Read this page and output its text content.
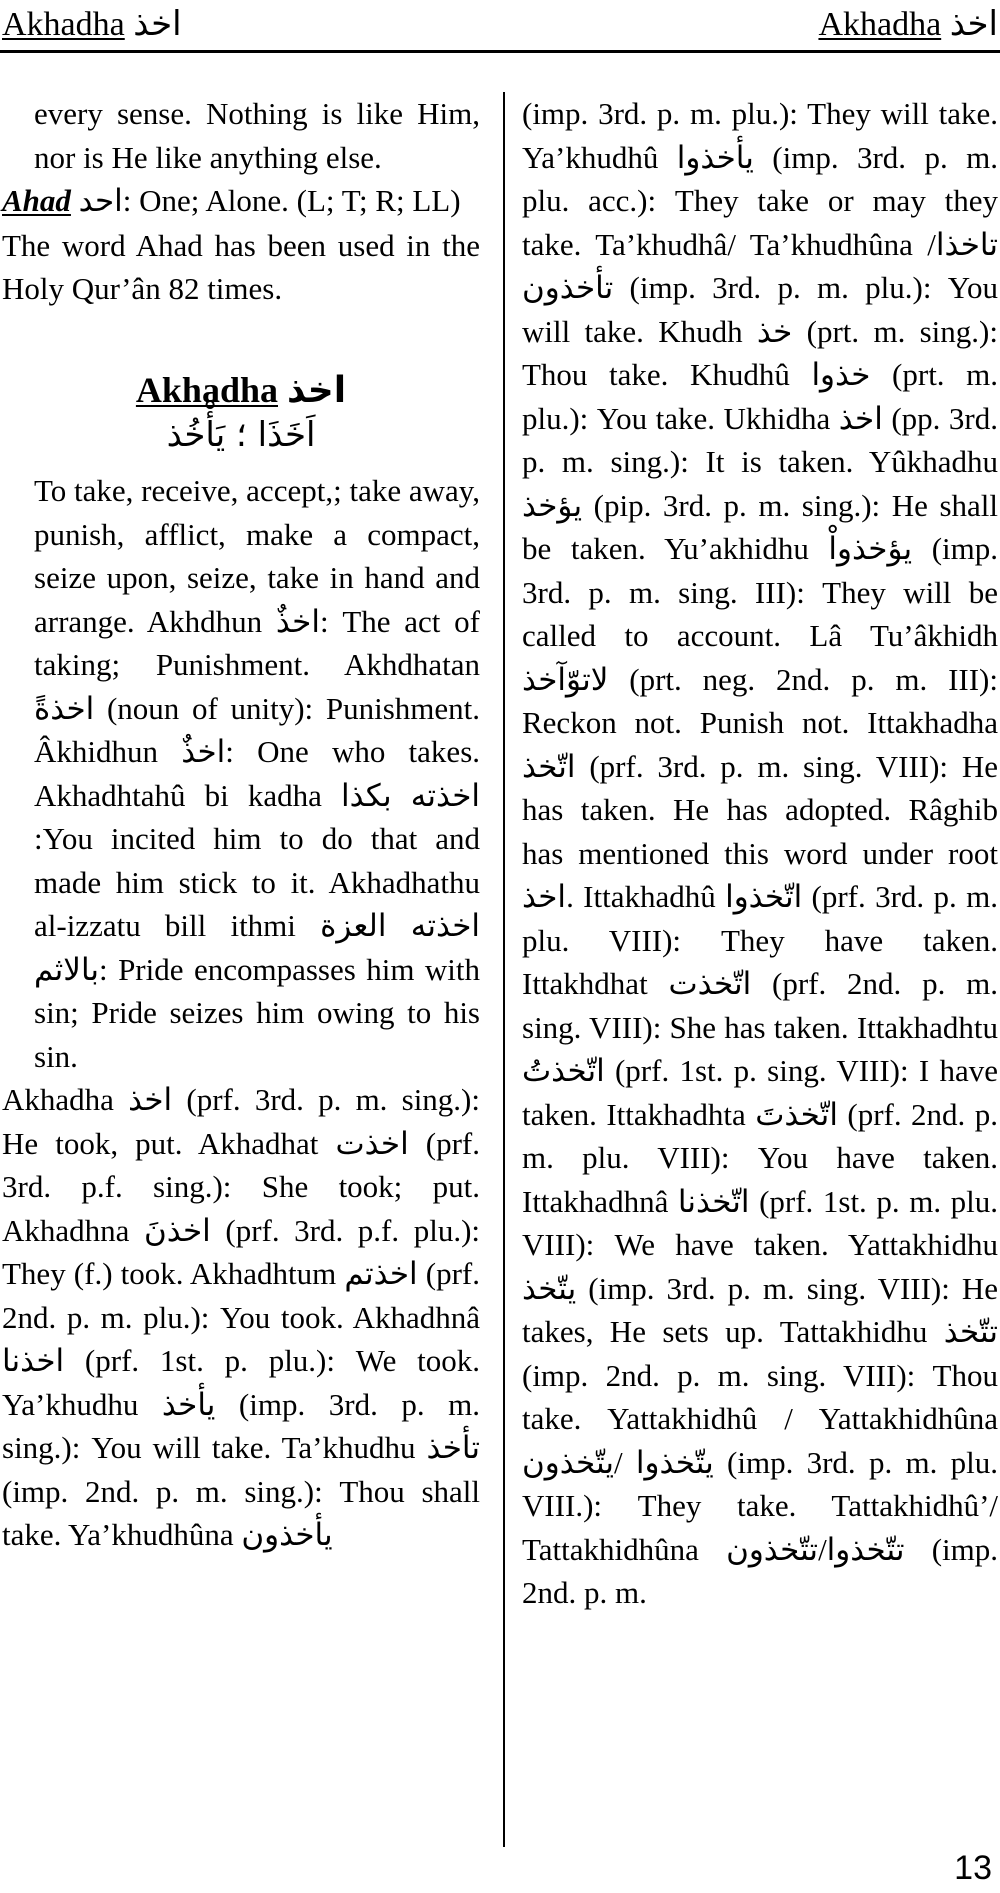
Akhadha اخذ	Akhadha اخذ

every sense. Nothing is like Him, nor is He like anything else.

Ahad احد: One; Alone. (L; T; R; LL)

The word Ahad has been used in the Holy Qur’ân 82 times.

Akhadha اخذ
اَخَذَا ؛ يَأْخُذ

To take, receive, accept,; take away, punish, afflict, make a compact, seize upon, seize, take in hand and arrange. Akhdhun اخذٌ: The act of taking; Punishment. Akhdhatan اخذةً (noun of unity): Punishment. Âkhidhun اخذٌ: One who takes. Akhadhtahû bi kadha اخذته بكذا :You incited him to do that and made him stick to it. Akhadhathu al-izzatu bill ithmi اخذته العزة بالاثم: Pride encompasses him with sin; Pride seizes him owing to his sin.

Akhadha اخذ (prf. 3rd. p. m. sing.): He took, put. Akhadhat اخذت (prf. 3rd. p.f. sing.): She took; put. Akhadhna اخذنَ (prf. 3rd. p.f. plu.): They (f.) took. Akhadhtum اخذتم (prf. 2nd. p. m. plu.): You took. Akhadhnâ اخذنا (prf. 1st. p. plu.): We took. Ya’khudhu يأخذ (imp. 3rd. p. m. sing.): You will take. Ta’khudhu تأخذ (imp. 2nd. p. m. sing.): Thou shall take. Ya’khudhûna يأخذون

(imp. 3rd. p. m. plu.): They will take. Ya’khudhû يأخذوا (imp. 3rd. p. m. plu. acc.): They take or may they take. Ta’khudhâ/ Ta’khudhûna تاخذا/تأخذون (imp. 3rd. p. m. plu.): You will take. Khudh خذ (prt. m. sing.): Thou take. Khudhû خذوا (prt. m. plu.): You take. Ukhidha اخذ (pp. 3rd. p. m. sing.): It is taken. Yûkhadhu يؤخذ (pip. 3rd. p. m. sing.): He shall be taken. Yu’akhidhu يؤخذواْ (imp. 3rd. p. m. sing. III): They will be called to account. Lâ Tu’âkhidh لاتوّآخذ (prt. neg. 2nd. p. m. III): Reckon not. Punish not. Ittakhadha اتّخذ (prf. 3rd. p. m. sing. VIII): He has taken. He has adopted. Râghib has mentioned this word under root اخذ. Ittakhadhû اتّخذوا (prf. 3rd. p. m. plu. VIII): They have taken. Ittakhdhat اتّخذت (prf. 2nd. p. m. sing. VIII): She has taken. Ittakhadhtu اتّخذتُ (prf. 1st. p. sing. VIII): I have taken. Ittakhadhta اتّخذتَ (prf. 2nd. p. m. plu. VIII): You have taken. Ittakhadhnâ اتّخذنا (prf. 1st. p. m. plu. VIII): We have taken. Yattakhidhu يتّخذ (imp. 3rd. p. m. sing. VIII): He takes, He sets up. Tattakhidhu تتّخذ (imp. 2nd. p. m. sing. VIII): Thou take. Yattakhidhû / Yattakhidhûna يتّخذوا /يتّخذون (imp. 3rd. p. m. plu. VIII.): They take. Tattakhidhû’/ Tattakhidhûna تتّخذوا/تتّخذون (imp. 2nd. p. m.

13
